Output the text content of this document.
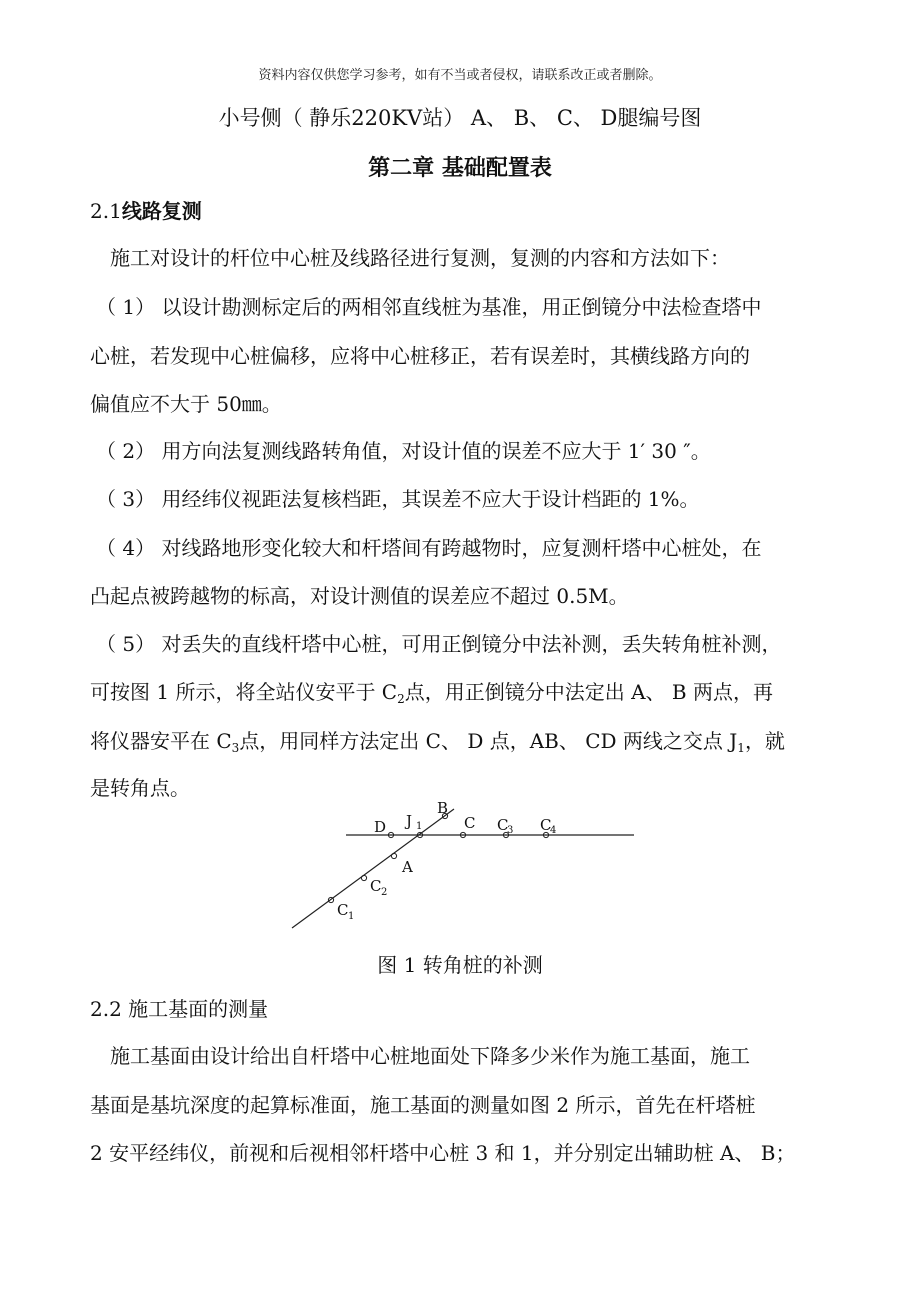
资料内容仅供您学习参考，如有不当或者侵权，请联系改正或者删除。
小号侧（ 静乐220KV站） A、 B、 C、 D腿编号图
第二章 基础配置表
2.1线路复测
施工对设计的杆位中心桩及线路径进行复测，复测的内容和方法如下：
（ 1） 以设计勘测标定后的两相邻直线桩为基准，用正倒镜分中法检查塔中
心桩，若发现中心桩偏移，应将中心桩移正，若有误差时，其横线路方向的
偏值应不大于 50㎜。
（ 2） 用方向法复测线路转角值，对设计值的误差不应大于 1′ 30 ″。
（ 3） 用经纬仪视距法复核档距，其误差不应大于设计档距的 1%。
（ 4） 对线路地形变化较大和杆塔间有跨越物时，应复测杆塔中心桩处，在
凸起点被跨越物的标高，对设计测值的误差应不超过 0.5M。
（ 5） 对丢失的直线杆塔中心桩，可用正倒镜分中法补测，丢失转角桩补测，
可按图 1 所示，将全站仪安平于 $C_2$点，用正倒镜分中法定出 A、 B 两点，再
将仪器安平在 $C_3$点，用同样方法定出 C、 D 点，AB、 CD 两线之交点 $J_1$，就
是转角点。
D J 1
B
C C
3 C
4
A
C 2
C 1
图 1 转角桩的补测
2.2 施工基面的测量
施工基面由设计给出自杆塔中心桩地面处下降多少米作为施工基面，施工
基面是基坑深度的起算标准面，施工基面的测量如图 2 所示，首先在杆塔桩
2 安平经纬仪，前视和后视相邻杆塔中心桩 3 和 1，并分别定出辅助桩 A、 B；
